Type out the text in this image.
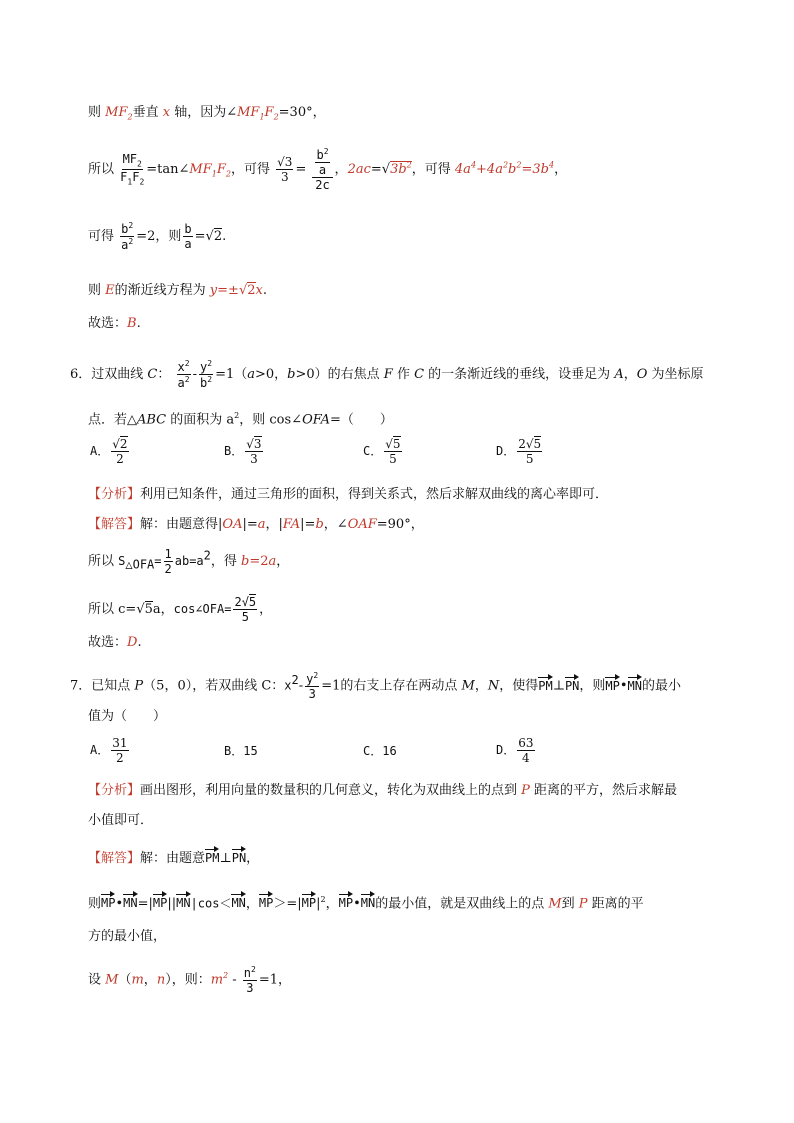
则 $MF_2$垂直 x 轴，因为$\angle MF_1F_2=30^\circ$，
所以 $\frac{MF_2}{F_1F_2}$ $=\tan\angle MF_1F_2$，可得 $\frac{√3}{3} = \frac{\frac{b^2}{a}}{2c}$ ，$2ac=√3b^2$，可得 $4a^4+4a^2b^2=3b^4$，
可得 $\frac{b^2}{a^2} =2$，则 $\frac{b}{a} =√2$.
则 E的渐近线方程为 y=±√2x.
故选：B.
6．过双曲线 C： $\frac{x^2}{a^2} - \frac{y^2}{b^2} =1(a>0$，b>0）的右焦点 F 作 C 的一条渐近线的垂线，设垂足为 A，O 为坐标原
点．若△ABC 的面积为 $a^2$，则 cos∠OFA=（　　）
A． $\frac{√2}{2}$	B． $\frac{√3}{3}$	C． $\frac{√5}{5}$	D． $\frac{2√5}{5}$
【分析】利用已知条件，通过三角形的面积，得到关系式，然后求解双曲线的离心率即可．
【解答】解：由题意得|OA|=a，|FA|=b，∠OAF=90°，
所以 $S_{\triangle OFA}= \frac{1}{2} ab=a^2$，得 b=2a，
所以 c=√5a，cos∠OFA= $\frac{2√5}{5}$ ，
故选：D.
7．已知点 P（5，0），若双曲线 C：$x^2- \frac{y^2}{3} =1$的右支上存在两动点 M，N，使得PM⊥PN，则MP•MN的最小
值为（　　）
A． $\frac{31}{2}$	B．15	C．16	D． $\frac{63}{4}$
【分析】画出图形，利用向量的数量积的几何意义，转化为双曲线上的点到 P 距离的平方，然后求解最
小值即可．
【解答】解：由题意PM⊥PN，
则MP•MN=|MP||MN|cos＜MN，$MP>=|MP|^2$，MP•MN的最小值，就是双曲线上的点 M到 P 距离的平
方的最小值，
设 M（m，n），则：$m^2 - \frac{n^2}{3} =1$，
